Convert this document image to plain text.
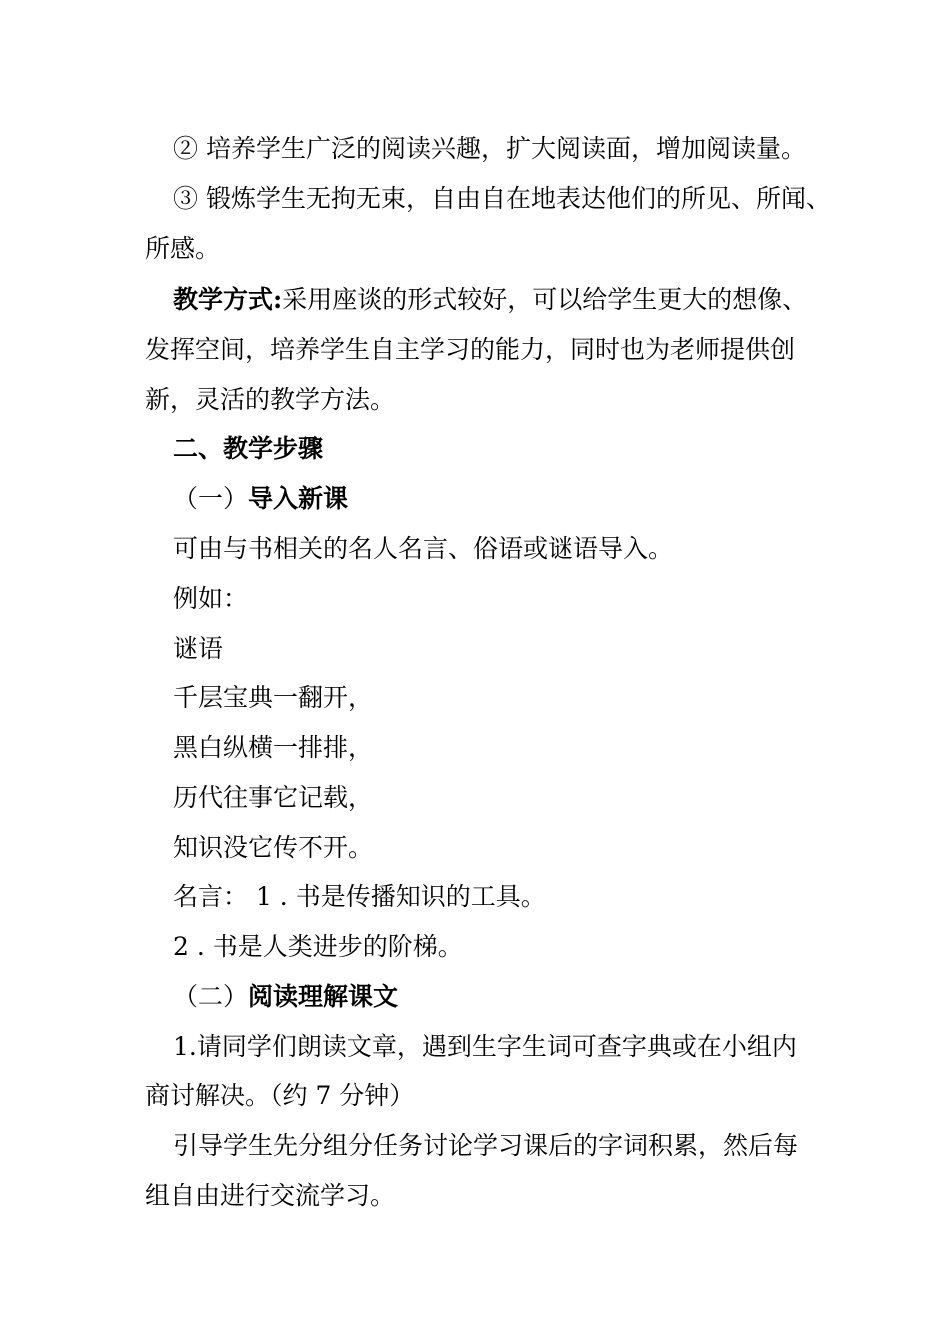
② 培养学生广泛的阅读兴趣，扩大阅读面，增加阅读量。
③ 锻炼学生无拘无束，自由自在地表达他们的所见、所闻、
所感。
教学方式:采用座谈的形式较好，可以给学生更大的想像、
发挥空间，培养学生自主学习的能力，同时也为老师提供创
新，灵活的教学方法。
二、教学步骤
（一）导入新课
可由与书相关的名人名言、俗语或谜语导入。
例如：
谜语
千层宝典一翻开，
黑白纵横一排排，
历代往事它记载，
知识没它传不开。
名言： 1 . 书是传播知识的工具。
2 . 书是人类进步的阶梯。
（二）阅读理解课文
1.请同学们朗读文章，遇到生字生词可查字典或在小组内
商讨解决。（约 7 分钟）
引导学生先分组分任务讨论学习课后的字词积累，然后每
组自由进行交流学习。
